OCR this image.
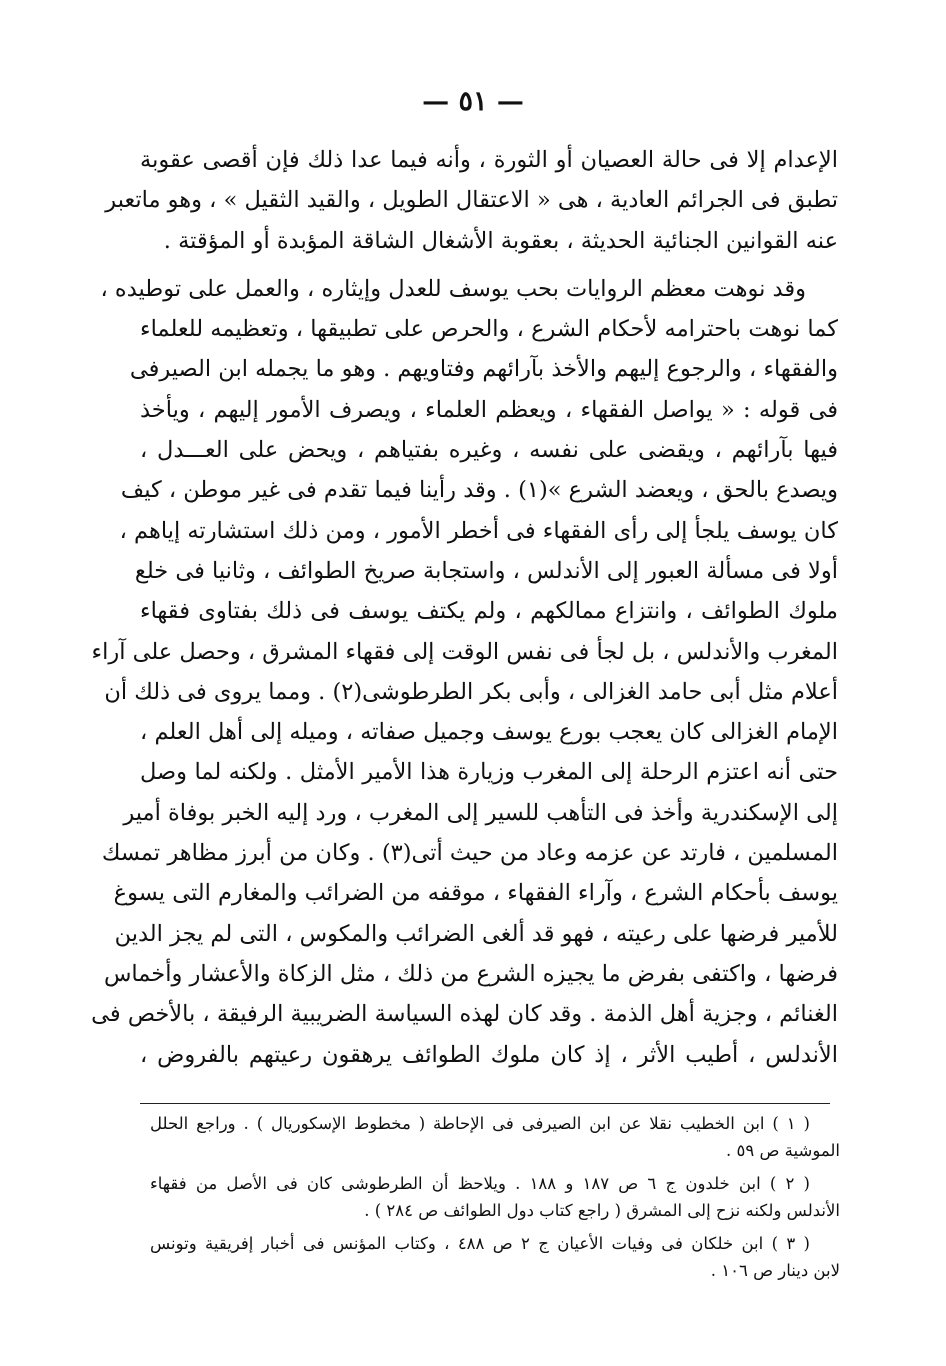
— ٥١ —
الإعدام إلا فى حالة العصيان أو الثورة ، وأنه فيما عدا ذلك فإن أقصى عقوبة
تطبق فى الجرائم العادية ، هى « الاعتقال الطويل ، والقيد الثقيل » ، وهو ماتعبر
عنه القوانين الجنائية الحديثة ، بعقوبة الأشغال الشاقة المؤبدة أو المؤقتة .
وقد نوهت معظم الروايات بحب يوسف للعدل وإيثاره ، والعمل على توطيده ،
كما نوهت باحترامه لأحكام الشرع ، والحرص على تطبيقها ، وتعظيمه للعلماء
والفقهاء ، والرجوع إليهم والأخذ بآرائهم وفتاويهم . وهو ما يجمله ابن الصيرفى
فى قوله : « يواصل الفقهاء ، ويعظم العلماء ، ويصرف الأمور إليهم ، ويأخذ
فيها بآرائهم ، ويقضى على نفسه ، وغيره بفتياهم ، ويحض على العـــدل ،
ويصدع بالحق ، ويعضد الشرع »(١) . وقد رأينا فيما تقدم فى غير موطن ، كيف
كان يوسف يلجأ إلى رأى الفقهاء فى أخطر الأمور ، ومن ذلك استشارته إياهم ،
أولا فى مسألة العبور إلى الأندلس ، واستجابة صريخ الطوائف ، وثانيا فى خلع
ملوك الطوائف ، وانتزاع ممالكهم ، ولم يكتف يوسف فى ذلك بفتاوى فقهاء
المغرب والأندلس ، بل لجأ فى نفس الوقت إلى فقهاء المشرق ، وحصل على آراء
أعلام مثل أبى حامد الغزالى ، وأبى بكر الطرطوشى(٢) . ومما يروى فى ذلك أن
الإمام الغزالى كان يعجب بورع يوسف وجميل صفاته ، وميله إلى أهل العلم ،
حتى أنه اعتزم الرحلة إلى المغرب وزيارة هذا الأمير الأمثل . ولكنه لما وصل
إلى الإسكندرية وأخذ فى التأهب للسير إلى المغرب ، ورد إليه الخبر بوفاة أمير
المسلمين ، فارتد عن عزمه وعاد من حيث أتى(٣) . وكان من أبرز مظاهر تمسك
يوسف بأحكام الشرع ، وآراء الفقهاء ، موقفه من الضرائب والمغارم التى يسوغ
للأمير فرضها على رعيته ، فهو قد ألغى الضرائب والمكوس ، التى لم يجز الدين
فرضها ، واكتفى بفرض ما يجيزه الشرع من ذلك ، مثل الزكاة والأعشار وأخماس
الغنائم ، وجزية أهل الذمة . وقد كان لهذه السياسة الضريبية الرفيقة ، بالأخص فى
الأندلس ، أطيب الأثر ، إذ كان ملوك الطوائف يرهقون رعيتهم بالفروض ،
( ١ ) ابن الخطيب نقلا عن ابن الصيرفى فى الإحاطة ( مخطوط الإسكوريال ) . وراجع الحلل
الموشية ص ٥٩ .
( ٢ ) ابن خلدون ج ٦ ص ١٨٧ و ١٨٨ . ويلاحظ أن الطرطوشى كان فى الأصل من فقهاء
الأندلس ولكنه نزح إلى المشرق ( راجع كتاب دول الطوائف ص ٢٨٤ ) .
( ٣ ) ابن خلكان فى وفيات الأعيان ج ٢ ص ٤٨٨ ، وكتاب المؤنس فى أخبار إفريقية وتونس
لابن دينار ص ١٠٦ .
